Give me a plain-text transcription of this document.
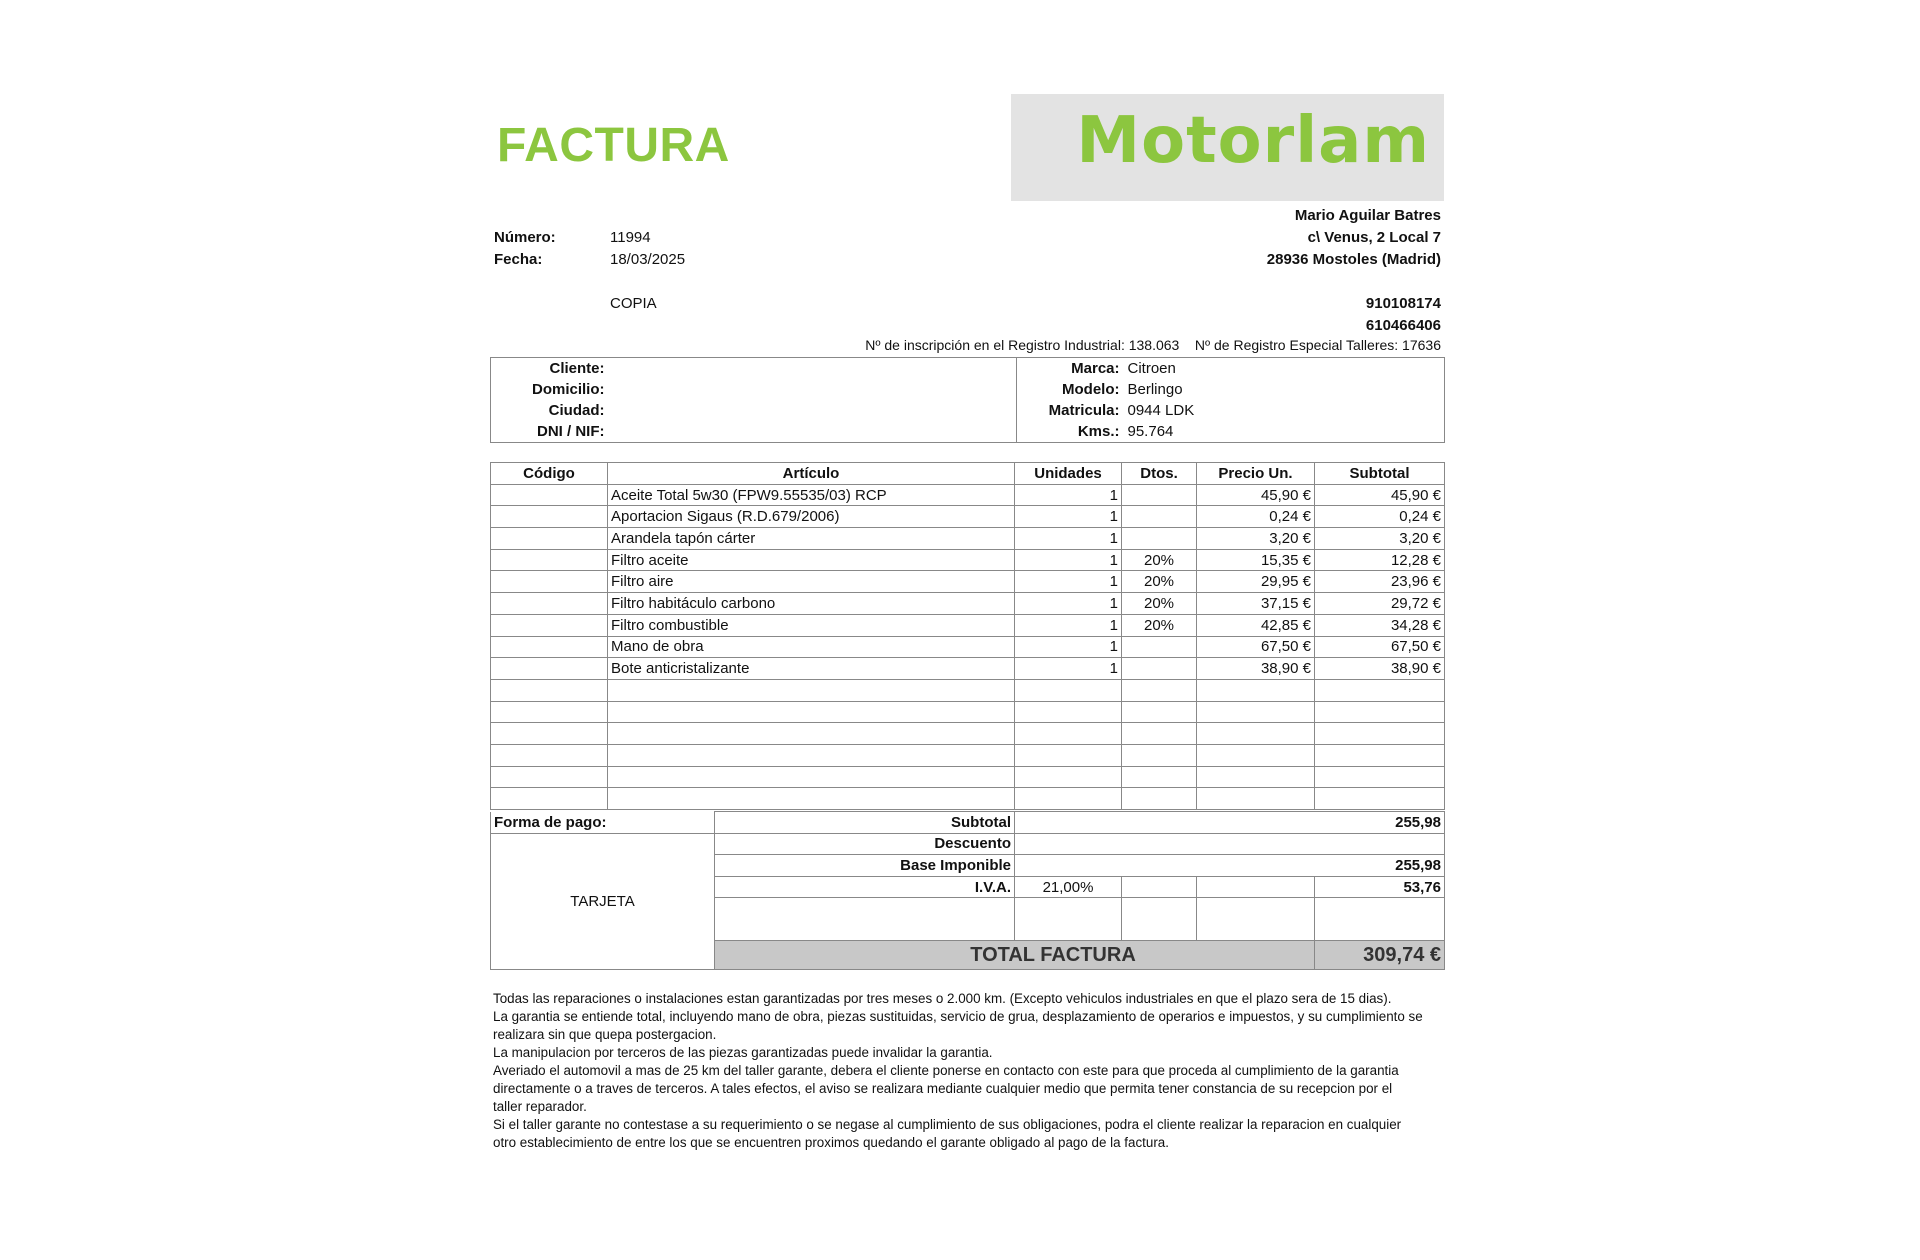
FACTURA	Motorlam
Mario Aguilar Batres
c\ Venus, 2 Local 7
28936 Mostoles (Madrid)
910108174
610466406
Número:	11994
Fecha:	18/03/2025
COPIA
Nº de inscripción en el Registro Industrial: 138.063    Nº de Registro Especial Talleres: 17636
Cliente:		Marca:	Citroen
Domicilio:		Modelo:	Berlingo
Ciudad:		Matricula:	0944 LDK
DNI / NIF:		Kms.:	95.764
Código	Artículo	Unidades	Dtos.	Precio Un.	Subtotal
	Aceite Total 5w30 (FPW9.55535/03) RCP	1		45,90 €	45,90 €
	Aportacion Sigaus (R.D.679/2006)	1		0,24 €	0,24 €
	Arandela tapón cárter	1		3,20 €	3,20 €
	Filtro aceite	1	20%	15,35 €	12,28 €
	Filtro aire	1	20%	29,95 €	23,96 €
	Filtro habitáculo carbono	1	20%	37,15 €	29,72 €
	Filtro combustible	1	20%	42,85 €	34,28 €
	Mano de obra	1		67,50 €	67,50 €
	Bote anticristalizante	1		38,90 €	38,90 €

Forma de pago:	Subtotal	255,98			
TARJETA	Descuento				
	Base Imponible	255,98			
	I.V.A.	21,00%			53,76

	TOTAL FACTURA				309,74 €

Todas las reparaciones o instalaciones estan garantizadas por tres meses o 2.000 km. (Excepto vehiculos industriales en que el plazo sera de 15 dias).

La garantia se entiende total, incluyendo mano de obra, piezas sustituidas, servicio de grua, desplazamiento de operarios e impuestos, y su cumplimiento se realizara sin que quepa postergacion.

La manipulacion por terceros de las piezas garantizadas puede invalidar la garantia.

Averiado el automovil a mas de 25 km del taller garante, debera el cliente ponerse en contacto con este para que proceda al cumplimiento de la garantia directamente o a traves de terceros. A tales efectos, el aviso se realizara mediante cualquier medio que permita tener constancia de su recepcion por el taller reparador.

Si el taller garante no contestase a su requerimiento o se negase al cumplimiento de sus obligaciones, podra el cliente realizar la reparacion en cualquier otro establecimiento de entre los que se encuentren proximos quedando el garante obligado al pago de la factura.
